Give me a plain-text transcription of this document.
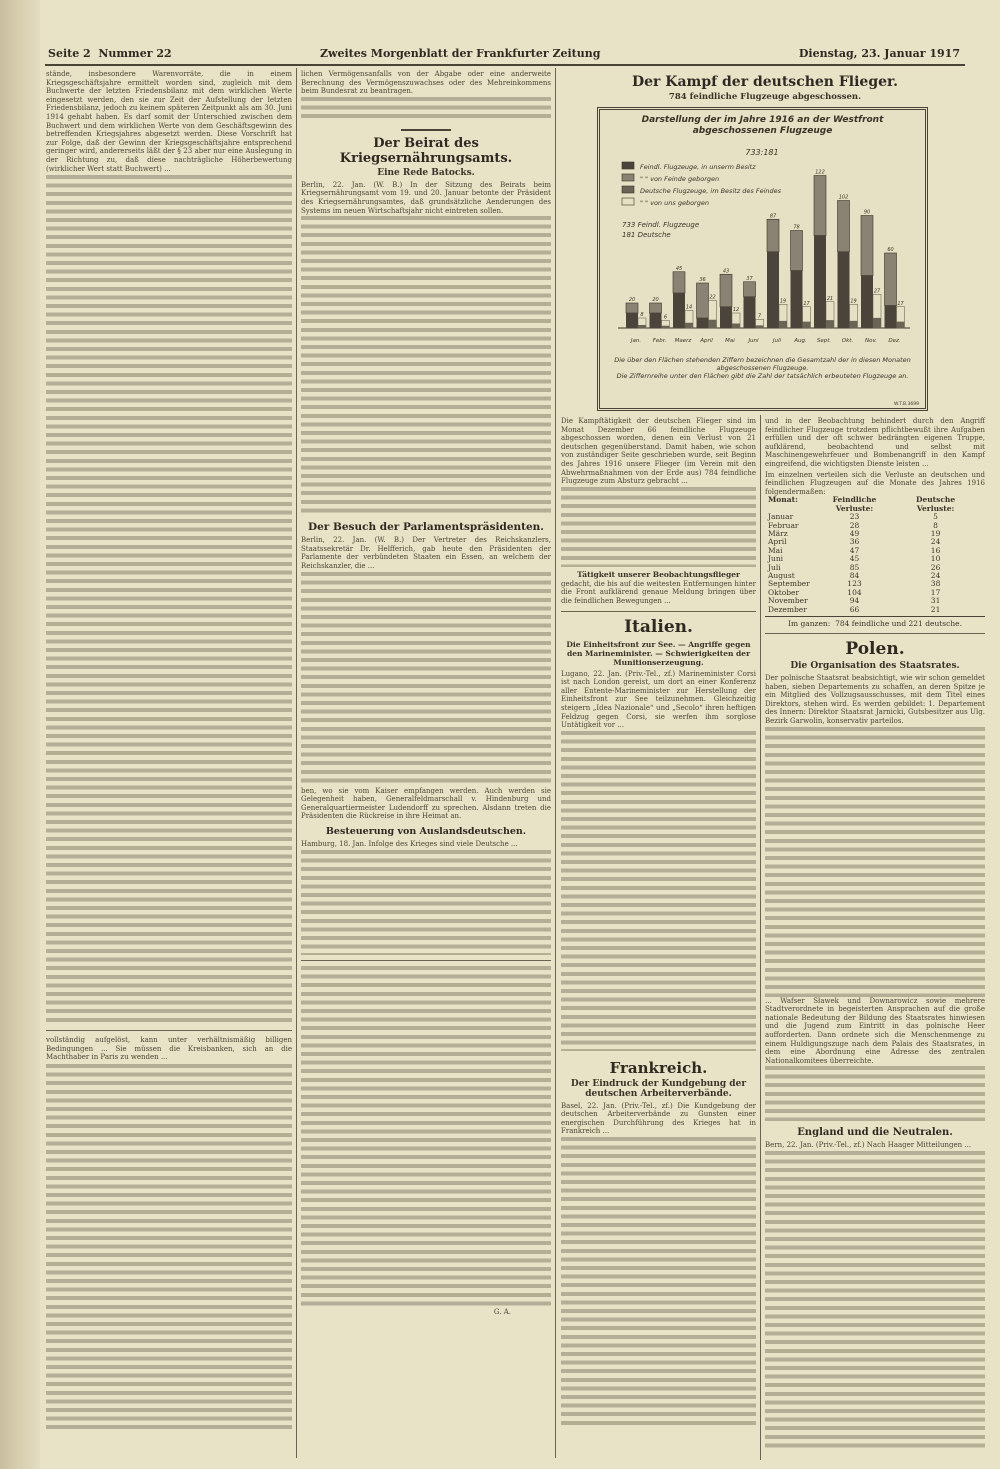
Seite 2 Nummer 22	Zweites Morgenblatt der Frankfurter Zeitung	Dienstag, 23. Januar 1917
stände, insbesondere Warenvorräte, die in einem Kriegsgeschäftsjahre ermittelt worden sind, zugleich mit dem Buchwerte der letzten Friedensbilanz mit dem wirklichen Werte eingesetzt werden, den sie zur Zeit der Aufstellung der letzten Friedensbilanz, jedoch zu keinem späteren Zeitpunkt als am 30. Juni 1914 gehabt haben. Es darf somit der Unterschied zwischen dem Buchwert und dem wirklichen Werte von dem Geschäftsgewinn des betreffenden Kriegsjahres abgesetzt werden. Diese Vorschrift hat zur Folge, daß der Gewinn der Kriegsgeschäftsjahre entsprechend geringer wird, andererseits läßt der § 23 aber nur eine Auslegung in der Richtung zu, daß diese nachträgliche Höherbewertung (wirklicher Wert statt Buchwert) ...
vollständig aufgelöst, kann unter verhältnismäßig billigen Bedingungen ... Sie müssen die Kreisbanken, sich an die Machthaber in Paris zu wenden ...
lichen Vermögensanfalls von der Abgabe oder eine anderweite Berechnung des Vermögenszuwachses oder des Mehreinkommens beim Bundesrat zu beantragen.
Der Beirat des Kriegsernährungsamts.
Eine Rede Batocks.
Berlin, 22. Jan. (W. B.) In der Sitzung des Beirats beim Kriegsernährungsamt vom 19. und 20. Januar betonte der Präsident des Kriegsernährungsamtes, daß grundsätzliche Aenderungen des Systems im neuen Wirtschaftsjahr nicht eintreten sollen.
Der Besuch der Parlamentspräsidenten.
Berlin, 22. Jan. (W. B.) Der Vertreter des Reichskanzlers, Staatssekretär Dr. Helfferich, gab heute den Präsidenten der Parlamente der verbündeten Staaten ein Essen, an welchem der Reichskanzler, die ...
ben, wo sie vom Kaiser empfangen werden. Auch werden sie Gelegenheit haben, Generalfeldmarschall v. Hindenburg und Generalquartiermeister Ludendorff zu sprechen. Alsdann treten die Präsidenten die Rückreise in ihre Heimat an.
Besteuerung von Auslandsdeutschen.
Hamburg, 18. Jan. Infolge des Krieges sind viele Deutsche ...
G. A.
Der Kampf der deutschen Flieger.
784 feindliche Flugzeuge abgeschossen.
733:181
Feindl. Flugzeuge, in unserm Besitz
" " von Feinde geborgen
Deutsche Flugzeuge, im Besitz des Feindes
" " von uns geborgen
733 Feindl. Flugzeuge
181 Deutsche
20
8
Jan.
20
6
Febr.
45
14
Maerz
36
22
April
43
12
Mai
37
7
Juni
87
19
Juli
78
17
Aug.
122
21
Sept.
102
19
Okt.
90
27
Nov.
60
17
Dez.
Darstellung der im Jahre 1916 an der Westfront abgeschossenen Flugzeuge
Die über den Flächen stehenden Ziffern bezeichnen die Gesamtzahl der in diesen Monaten abgeschossenen Flugzeuge.
Die Ziffernreihe unter den Flächen gibt die Zahl der tatsächlich erbeuteten Flugzeuge an.
W.T.B.3699
Die Kampftätigkeit der deutschen Flieger sind im Monat Dezember 66 feindliche Flugzeuge abgeschossen worden, denen ein Verlust von 21 deutschen gegenüberstand. Damit haben, wie schon von zuständiger Seite geschrieben wurde, seit Beginn des Jahres 1916 unsere Flieger (im Verein mit den Abwehrmaßnahmen von der Erde aus) 784 feindliche Flugzeuge zum Absturz gebracht ...
Tätigkeit unserer Beobachtungsflieger
gedacht, die bis auf die weitesten Entfernungen hinter die Front aufklärend genaue Meldung bringen über die feindlichen Bewegungen ...
Italien.
Die Einheitsfront zur See. — Angriffe gegen den Marineminister. — Schwierigkeiten der Munitionserzeugung.
Lugano, 22. Jan. (Priv.-Tel., zf.) Marineminister Corsi ist nach London gereist, um dort an einer Konferenz aller Entente-Marineminister zur Herstellung der Einheitsfront zur See teilzunehmen. Gleichzeitig steigern „Idea Nazionale“ und „Secolo“ ihren heftigen Feldzug gegen Corsi, sie werfen ihm sorglose Untätigkeit vor ...
Frankreich.
Der Eindruck der Kundgebung der deutschen Arbeiterverbände.
Basel, 22. Jan. (Priv.-Tel., zf.) Die Kundgebung der deutschen Arbeiterverbände zu Gunsten einer energischen Durchführung des Krieges hat in Frankreich ...
und in der Beobachtung behindert durch den Angriff feindlicher Flugzeuge trotzdem pflichtbewußt ihre Aufgaben erfüllen und der oft schwer bedrängten eigenen Truppe, aufklärend, beobachtend und selbst mit Maschinengewehrfeuer und Bombenangriff in den Kampf eingreifend, die wichtigsten Dienste leisten ...
Im einzelnen verteilen sich die Verluste an deutschen und feindlichen Flugzeugen auf die Monate des Jahres 1916 folgendermaßen:
Monat:	Feindliche Verluste:	Deutsche Verluste:
Januar	23	5
Februar	28	8
März	49	19
April	36	24
Mai	47	16
Juni	45	10
Juli	85	26
August	84	24
September	123	38
Oktober	104	17
November	94	31
Dezember	66	21
Im ganzen: 784 feindliche und 221 deutsche.
Polen.
Die Organisation des Staatsrates.
Der polnische Staatsrat beabsichtigt, wie wir schon gemeldet haben, sieben Departements zu schaffen, an deren Spitze je ein Mitglied des Vollzugsausschusses, mit dem Titel eines Direktors, stehen wird. Es werden gebildet: 1. Departement des Innern: Direktor Staatsrat Jarnicki, Gutsbesitzer aus Ulg. Bezirk Garwolin, konservativ parteilos.
... Wafser Sławek und Downarowicz sowie mehrere Stadtverordnete in begeisterten Ansprachen auf die große nationale Bedeutung der Bildung des Staatsrates hinwiesen und die Jugend zum Eintritt in das polnische Heer aufforderten. Dann ordnete sich die Menschenmenge zu einem Huldigungszuge nach dem Palais des Staatsrates, in dem eine Abordnung eine Adresse des zentralen Nationalkomitees überreichte.
England und die Neutralen.
Bern, 22. Jan. (Priv.-Tel., zf.) Nach Haager Mitteilungen ...
